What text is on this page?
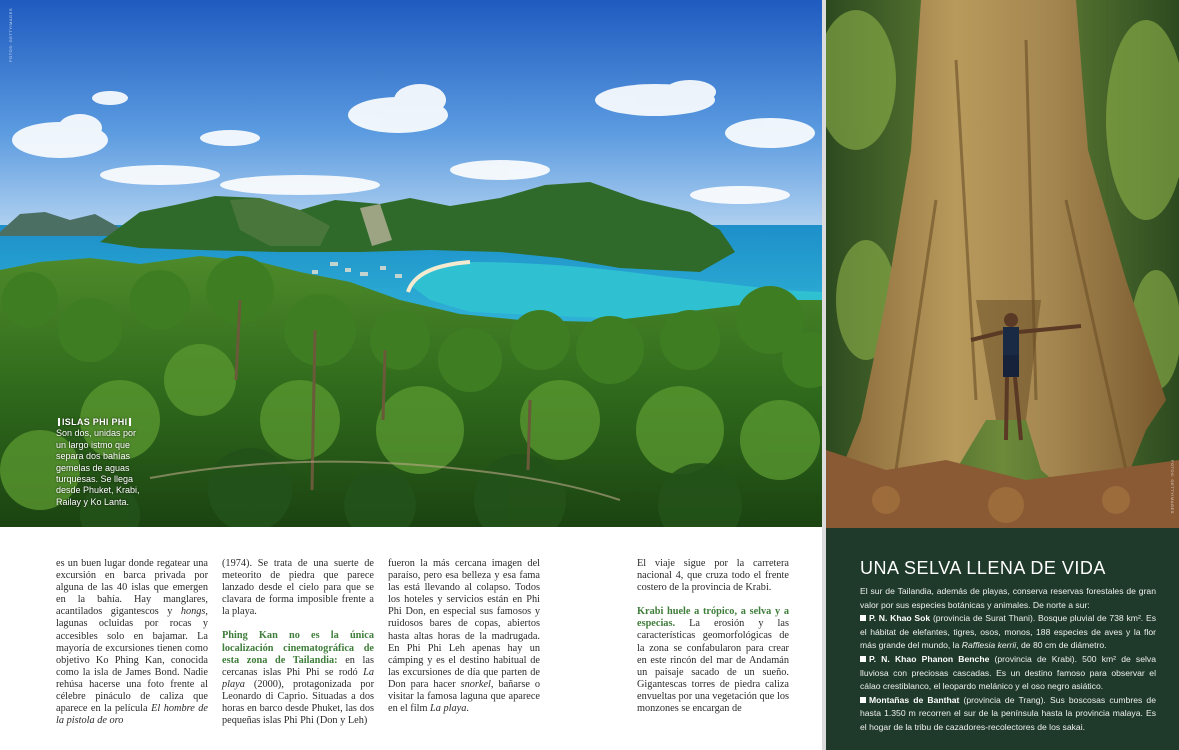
FOTOS: GETTYIMAGES
ISLAS PHI PHI
Son dos, unidas por un largo istmo que separa dos bahías gemelas de aguas turquesas. Se llega desde Phuket, Krabi, Railay y Ko Lanta.

es un buen lugar donde regatear una excursión en barca privada por alguna de las 40 islas que emergen en la bahía. Hay manglares, acantilados gigantescos y hongs, lagunas ocluidas por rocas y accesibles solo en bajamar. La mayoría de excursiones tienen como objetivo Ko Phing Kan, conocida como la isla de James Bond. Nadie rehúsa hacerse una foto frente al célebre pináculo de caliza que aparece en la película El hombre de la pistola de oro

(1974). Se trata de una suerte de meteorito de piedra que parece lanzado desde el cielo para que se clavara de forma imposible frente a la playa.

Phing Kan no es la única localización cinematográfica de esta zona de Tailandia: en las cercanas islas Phi Phi se rodó La playa (2000), protagonizada por Leonardo di Caprio. Situadas a dos horas en barco desde Phuket, las dos pequeñas islas Phi Phi (Don y Leh)

fueron la más cercana imagen del paraíso, pero esa belleza y esa fama las está llevando al colapso. Todos los hoteles y servicios están en Phi Phi Don, en especial sus famosos y ruidosos bares de copas, abiertos hasta altas horas de la madrugada. En Phi Phi Leh apenas hay un cámping y es el destino habitual de las excursiones de día que parten de Don para hacer snorkel, bañarse o visitar la famosa laguna que aparece en el film La playa.

El viaje sigue por la carretera nacional 4, que cruza todo el frente costero de la provincia de Krabi.

Krabi huele a trópico, a selva y a especias. La erosión y las características geomorfológicas de la zona se confabularon para crear en este rincón del mar de Andamán un paisaje sacado de un sueño. Gigantescas torres de piedra caliza envueltas por una vegetación que los monzones se encargan de

FOTOS: GETTYIMAGES
UNA SELVA LLENA DE VIDA

El sur de Tailandia, además de playas, conserva reservas forestales de gran valor por sus especies botánicas y animales. De norte a sur:

P. N. Khao Sok (provincia de Surat Thani). Bosque pluvial de 738 km². Es el hábitat de elefantes, tigres, osos, monos, 188 especies de aves y la flor más grande del mundo, la Rafflesia kerrii, de 80 cm de diámetro.

P. N. Khao Phanon Benche (provincia de Krabi). 500 km² de selva lluviosa con preciosas cascadas. Es un destino famoso para observar el cálao crestiblanco, el leopardo melánico y el oso negro asiático.

Montañas de Banthat (provincia de Trang). Sus boscosas cumbres de hasta 1.350 m recorren el sur de la península hasta la provincia malaya. Es el hogar de la tribu de cazadores-recolectores de los sakai.
